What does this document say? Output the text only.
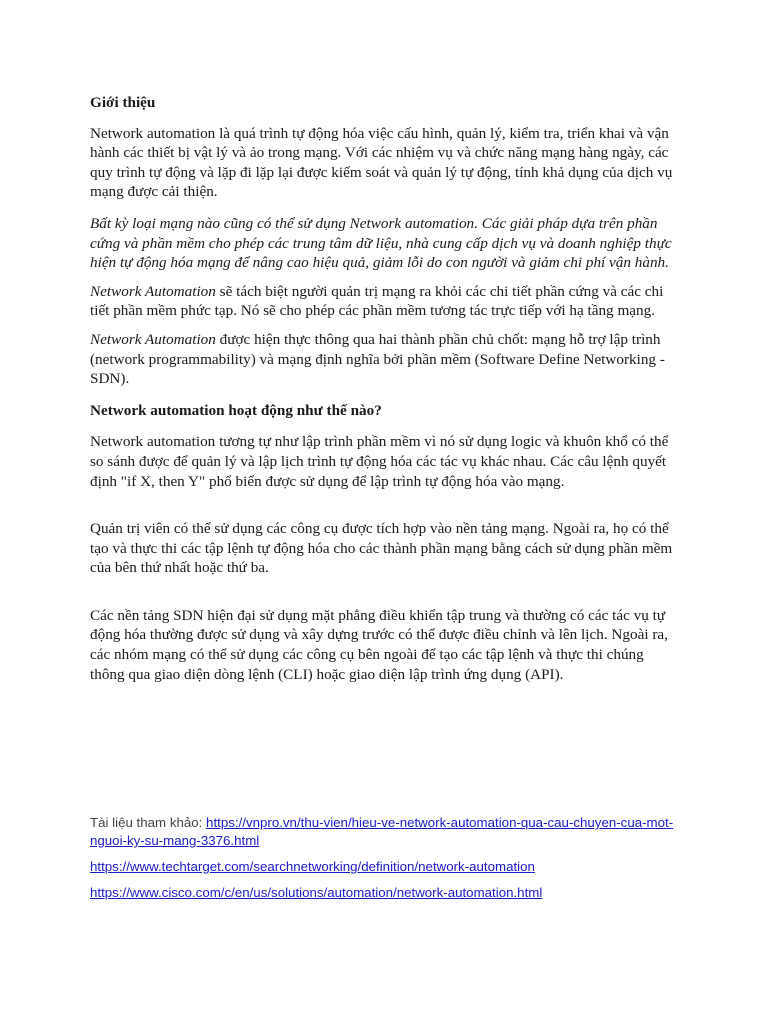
Giới thiệu

Network automation là quá trình tự động hóa việc cấu hình, quản lý, kiểm tra, triển khai và vận hành các thiết bị vật lý và ảo trong mạng. Với các nhiệm vụ và chức năng mạng hàng ngày, các quy trình tự động và lặp đi lặp lại được kiểm soát và quản lý tự động, tính khả dụng của dịch vụ mạng được cải thiện.

Bất kỳ loại mạng nào cũng có thể sử dụng Network automation. Các giải pháp dựa trên phần cứng và phần mềm cho phép các trung tâm dữ liệu, nhà cung cấp dịch vụ và doanh nghiệp thực hiện tự động hóa mạng để nâng cao hiệu quả, giảm lỗi do con người và giảm chi phí vận hành.

Network Automation sẽ tách biệt người quản trị mạng ra khỏi các chi tiết phần cứng và các chi tiết phần mềm phức tạp. Nó sẽ cho phép các phần mềm tương tác trực tiếp với hạ tầng mạng.

Network Automation được hiện thực thông qua hai thành phần chủ chốt: mạng hỗ trợ lập trình (network programmability) và mạng định nghĩa bởi phần mềm (Software Define Networking - SDN).

Network automation hoạt động như thế nào?

Network automation tương tự như lập trình phần mềm vì nó sử dụng logic và khuôn khổ có thể so sánh được để quản lý và lập lịch trình tự động hóa các tác vụ khác nhau. Các câu lệnh quyết định "if X, then Y" phổ biến được sử dụng để lập trình tự động hóa vào mạng.

Quản trị viên có thể sử dụng các công cụ được tích hợp vào nền tảng mạng. Ngoài ra, họ có thể tạo và thực thi các tập lệnh tự động hóa cho các thành phần mạng bằng cách sử dụng phần mềm của bên thứ nhất hoặc thứ ba.

Các nền tảng SDN hiện đại sử dụng mặt phẳng điều khiển tập trung và thường có các tác vụ tự động hóa thường được sử dụng và xây dựng trước có thể được điều chỉnh và lên lịch. Ngoài ra, các nhóm mạng có thể sử dụng các công cụ bên ngoài để tạo các tập lệnh và thực thi chúng thông qua giao diện dòng lệnh (CLI) hoặc giao diện lập trình ứng dụng (API).

Tài liệu tham khảo: https://vnpro.vn/thu-vien/hieu-ve-network-automation-qua-cau-chuyen-cua-mot-nguoi-ky-su-mang-3376.html

https://www.techtarget.com/searchnetworking/definition/network-automation

https://www.cisco.com/c/en/us/solutions/automation/network-automation.html
